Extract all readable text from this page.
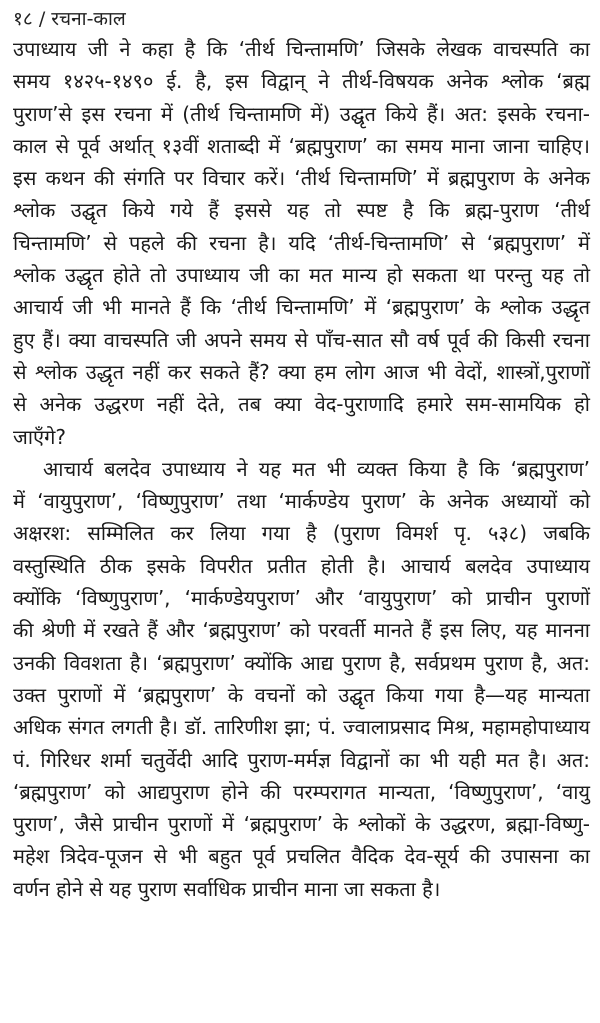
१८ / रचना-काल
उपाध्याय जी ने कहा है कि ‘तीर्थ चिन्तामणि’ जिसके लेखक वाचस्पति का
समय १४२५-१४९० ई. है, इस विद्वान् ने तीर्थ-विषयक अनेक श्लोक ‘ब्रह्म
पुराण’से इस रचना में (तीर्थ चिन्तामणि में) उद्घृत किये हैं। अत: इसके रचना-
काल से पूर्व अर्थात् १३वीं शताब्दी में ‘ब्रह्मपुराण’ का समय माना जाना चाहिए।
इस कथन की संगति पर विचार करें। ‘तीर्थ चिन्तामणि’ में ब्रह्मपुराण के अनेक
श्लोक उद्घृत किये गये हैं इससे यह तो स्पष्ट है कि ब्रह्म-पुराण ‘तीर्थ
चिन्तामणि’ से पहले की रचना है। यदि ‘तीर्थ-चिन्तामणि’ से ‘ब्रह्मपुराण’ में
श्लोक उद्धृत होते तो उपाध्याय जी का मत मान्य हो सकता था परन्तु यह तो
आचार्य जी भी मानते हैं कि ‘तीर्थ चिन्तामणि’ में ‘ब्रह्मपुराण’ के श्लोक उद्धृत
हुए हैं। क्या वाचस्पति जी अपने समय से पाँच-सात सौ वर्ष पूर्व की किसी रचना
से श्लोक उद्धृत नहीं कर सकते हैं? क्या हम लोग आज भी वेदों, शास्त्रों,पुराणों
से अनेक उद्धरण नहीं देते, तब क्या वेद-पुराणादि हमारे सम-सामयिक हो
जाएँगे?
आचार्य बलदेव उपाध्याय ने यह मत भी व्यक्त किया है कि ‘ब्रह्मपुराण’
में ‘वायुपुराण’, ‘विष्णुपुराण’ तथा ‘मार्कण्डेय पुराण’ के अनेक अध्यायों को
अक्षरश: सम्मिलित कर लिया गया है (पुराण विमर्श पृ. ५३८) जबकि
वस्तुस्थिति ठीक इसके विपरीत प्रतीत होती है। आचार्य बलदेव उपाध्याय
क्योंकि ‘विष्णुपुराण’, ‘मार्कण्डेयपुराण’ और ‘वायुपुराण’ को प्राचीन पुराणों
की श्रेणी में रखते हैं और ‘ब्रह्मपुराण’ को परवर्ती मानते हैं इस लिए, यह मानना
उनकी विवशता है। ‘ब्रह्मपुराण’ क्योंकि आद्य पुराण है, सर्वप्रथम पुराण है, अत:
उक्त पुराणों में ‘ब्रह्मपुराण’ के वचनों को उद्घृत किया गया है—यह मान्यता
अधिक संगत लगती है। डॉ. तारिणीश झा; पं. ज्वालाप्रसाद मिश्र, महामहोपाध्याय
पं. गिरिधर शर्मा चतुर्वेदी आदि पुराण-मर्मज्ञ विद्वानों का भी यही मत है। अत:
‘ब्रह्मपुराण’ को आद्यपुराण होने की परम्परागत मान्यता, ‘विष्णुपुराण’, ‘वायु
पुराण’, जैसे प्राचीन पुराणों में ‘ब्रह्मपुराण’ के श्लोकों के उद्धरण, ब्रह्मा-विष्णु-
महेश त्रिदेव-पूजन से भी बहुत पूर्व प्रचलित वैदिक देव-सूर्य की उपासना का
वर्णन होने से यह पुराण सर्वाधिक प्राचीन माना जा सकता है।
